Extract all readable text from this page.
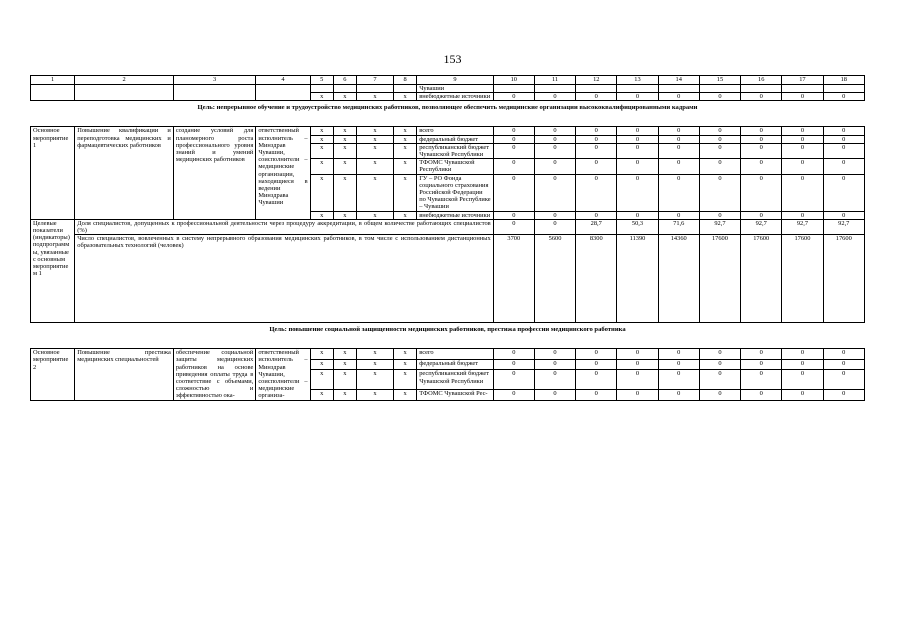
153
1	2	3	4	5	6	7	8	9	10	11	12	13	14	15	16	17	18
								Чувашии									
				x	x	x	x	внебюджетные источники	0	0	0	0	0	0	0	0	0
Цель: непрерывное обучение и трудоустройство медицинских работников, позволяющее обеспечить медицинские организации высококвалифицированными кадрами																	
Основное мероприятие 1	Повышение квалификации и переподготовка медицинских и фармацевтических работников	создание условий для планомерного роста профессионального уровня знаний и умений медицинских работников	ответственный исполнитель – Минздрав Чувашии, соисполнители – медицинские организации, находящиеся в ведении Минздрава Чувашии	x	x	x	x	всего	0	0	0	0	0	0	0	0	0
				x	x	x	x	федеральный бюджет	0	0	0	0	0	0	0	0	0
				x	x	x	x	республиканский бюджет Чувашской Республики	0	0	0	0	0	0	0	0	0
				x	x	x	x	ТФОМС Чувашской Республики	0	0	0	0	0	0	0	0	0
				x	x	x	x	ГУ – РО Фонда социального страхования Российской Федерации по Чувашской Республике – Чувашии	0	0	0	0	0	0	0	0	0
				x	x	x	x	внебюджетные источники	0	0	0	0	0	0	0	0	0
Целевые показатели (индикаторы) подпрограммы, увязанные с основным мероприятием 1	Доля специалистов, допущенных к профессиональной деятельности через процедуру аккредитации, в общем количестве работающих специалистов (%)								0	0	28,7	50,3	71,6	92,7	92,7	92,7	92,7
	Число специалистов, вовлеченных в систему непрерывного образования медицинских работников, в том числе с использованием дистанционных образовательных технологий (человек)								3700	5600	8300	11390	14360	17600	17600	17600	17600
Цель: повышение социальной защищенности медицинских работников, престижа профессии медицинского работника																	
Основное мероприятие 2	Повышение престижа медицинских специальностей	обеспечение социальной защиты медицинских работников на основе приведения оплаты труда в соответствие с объемами, сложностью и эффективностью ока-	ответственный исполнитель – Минздрав Чувашии, соисполнители – медицинские организа-	x	x	x	x	всего	0	0	0	0	0	0	0	0	0
				x	x	x	x	федеральный бюджет	0	0	0	0	0	0	0	0	0
				x	x	x	x	республиканский бюджет Чувашской Республики	0	0	0	0	0	0	0	0	0
				x	x	x	x	ТФОМС Чувашской Рес-	0	0	0	0	0	0	0	0	0
